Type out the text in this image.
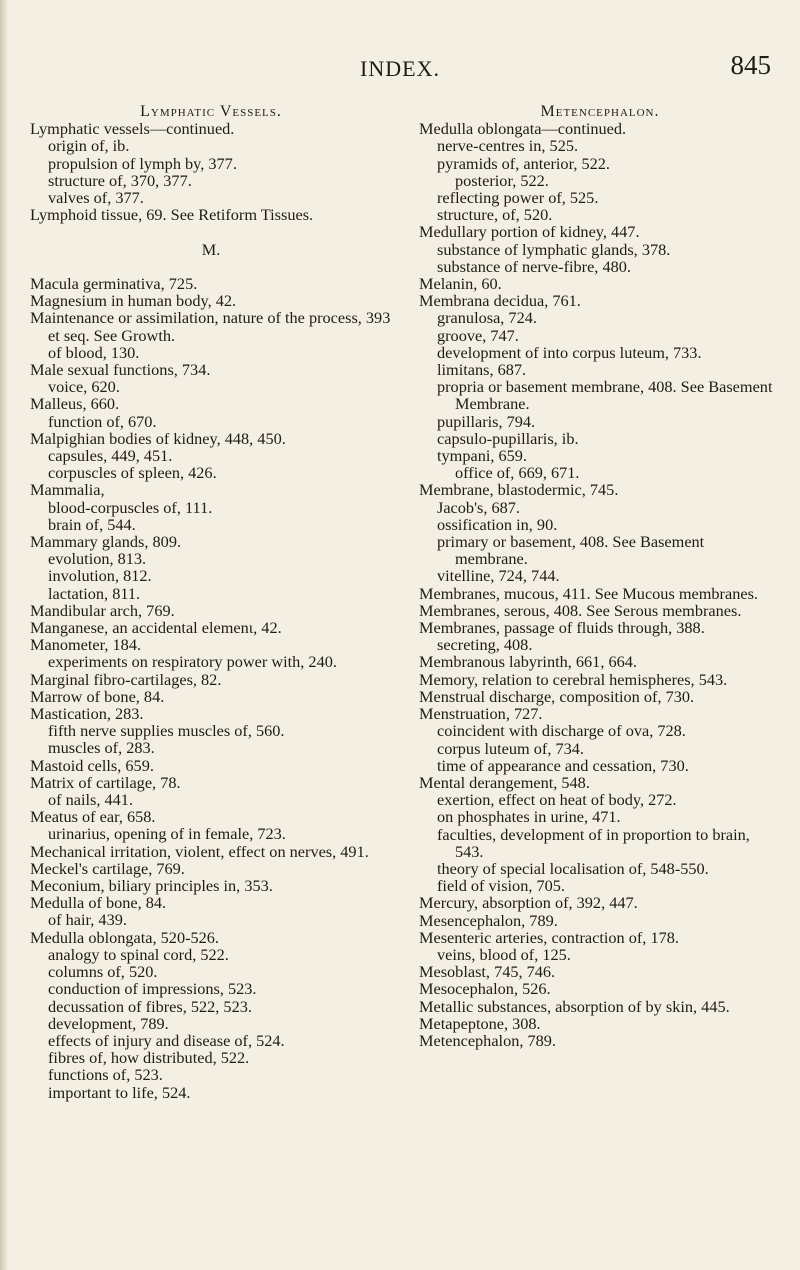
INDEX.	845
Lymphatic Vessels.
Lymphatic vessels—continued.
origin of, ib.
propulsion of lymph by, 377.
structure of, 370, 377.
valves of, 377.
Lymphoid tissue, 69. See Retiform Tissues.
M.
Macula germinativa, 725.
Magnesium in human body, 42.
Maintenance or assimilation, nature of the process, 393 et seq. See Growth.
of blood, 130.
Male sexual functions, 734.
voice, 620.
Malleus, 660.
function of, 670.
Malpighian bodies of kidney, 448, 450.
capsules, 449, 451.
corpuscles of spleen, 426.
Mammalia,
blood-corpuscles of, 111.
brain of, 544.
Mammary glands, 809.
evolution, 813.
involution, 812.
lactation, 811.
Mandibular arch, 769.
Manganese, an accidental elemenι, 42.
Manometer, 184.
experiments on respiratory power with, 240.
Marginal fibro-cartilages, 82.
Marrow of bone, 84.
Mastication, 283.
fifth nerve supplies muscles of, 560.
muscles of, 283.
Mastoid cells, 659.
Matrix of cartilage, 78.
of nails, 441.
Meatus of ear, 658.
urinarius, opening of in female, 723.
Mechanical irritation, violent, effect on nerves, 491.
Meckel's cartilage, 769.
Meconium, biliary principles in, 353.
Medulla of bone, 84.
of hair, 439.
Medulla oblongata, 520-526.
analogy to spinal cord, 522.
columns of, 520.
conduction of impressions, 523.
decussation of fibres, 522, 523.
development, 789.
effects of injury and disease of, 524.
fibres of, how distributed, 522.
functions of, 523.
important to life, 524.
Metencephalon.
Medulla oblongata—continued.
nerve-centres in, 525.
pyramids of, anterior, 522.
posterior, 522.
reflecting power of, 525.
structure, of, 520.
Medullary portion of kidney, 447.
substance of lymphatic glands, 378.
substance of nerve-fibre, 480.
Melanin, 60.
Membrana decidua, 761.
granulosa, 724.
groove, 747.
development of into corpus luteum, 733.
limitans, 687.
propria or basement membrane, 408. See Basement Membrane.
pupillaris, 794.
capsulo-pupillaris, ib.
tympani, 659.
office of, 669, 671.
Membrane, blastodermic, 745.
Jacob's, 687.
ossification in, 90.
primary or basement, 408. See Basement membrane.
vitelline, 724, 744.
Membranes, mucous, 411. See Mucous membranes.
Membranes, serous, 408. See Serous membranes.
Membranes, passage of fluids through, 388.
secreting, 408.
Membranous labyrinth, 661, 664.
Memory, relation to cerebral hemispheres, 543.
Menstrual discharge, composition of, 730.
Menstruation, 727.
coincident with discharge of ova, 728.
corpus luteum of, 734.
time of appearance and cessation, 730.
Mental derangement, 548.
exertion, effect on heat of body, 272.
on phosphates in urine, 471.
faculties, development of in proportion to brain, 543.
theory of special localisation of, 548-550.
field of vision, 705.
Mercury, absorption of, 392, 447.
Mesencephalon, 789.
Mesenteric arteries, contraction of, 178.
veins, blood of, 125.
Mesoblast, 745, 746.
Mesocephalon, 526.
Metallic substances, absorption of by skin, 445.
Metapeptone, 308.
Metencephalon, 789.
